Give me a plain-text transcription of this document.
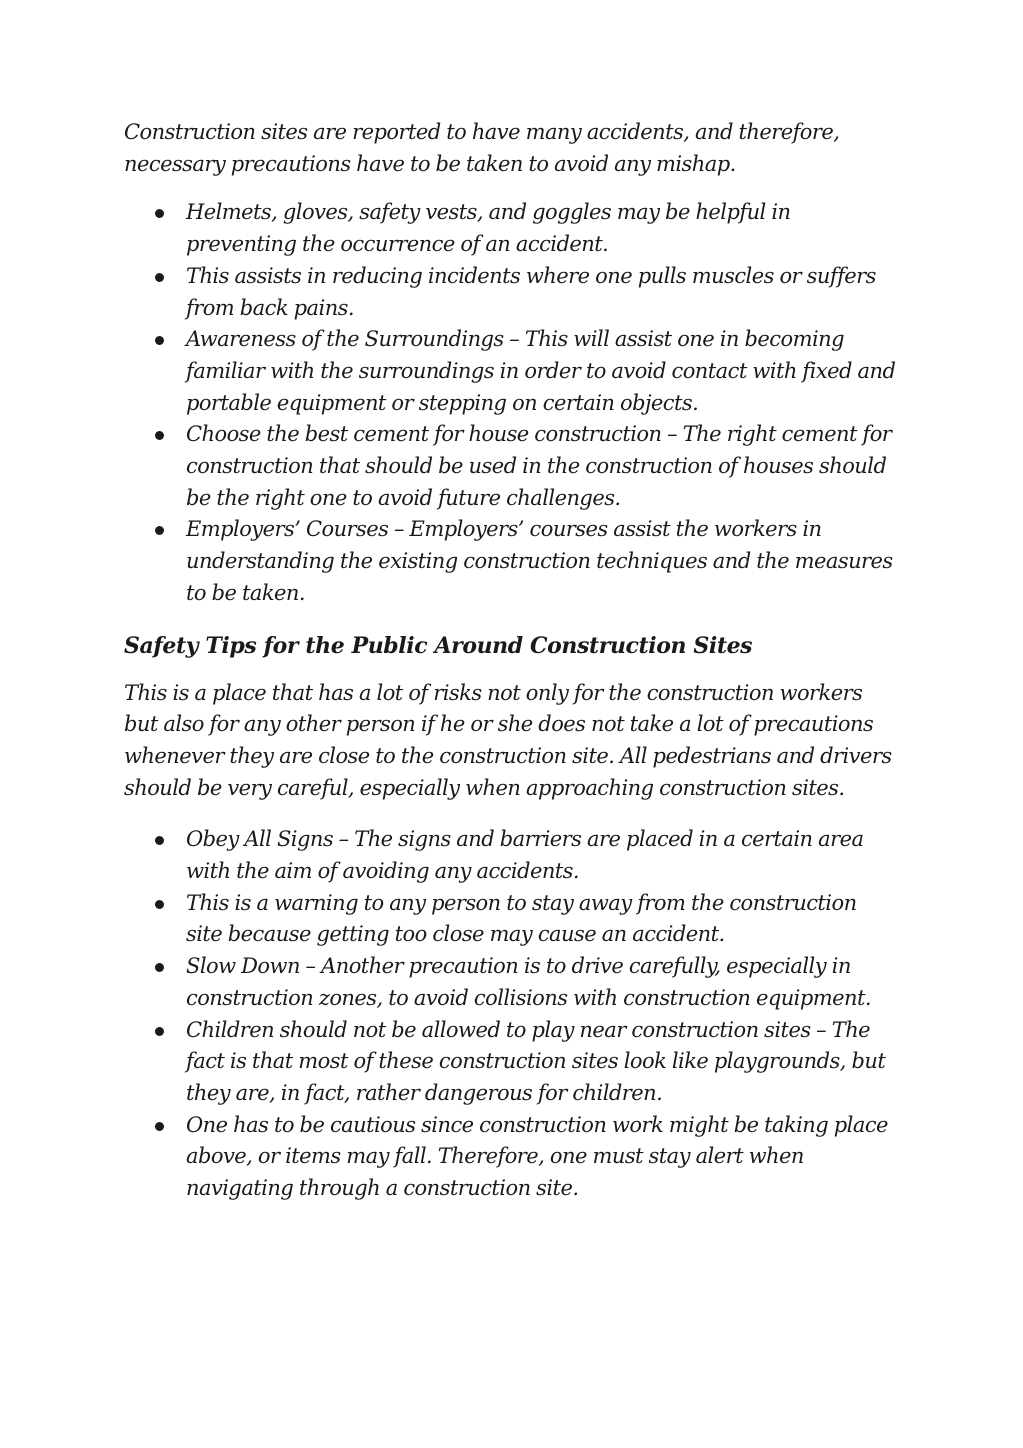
Construction sites are reported to have many accidents, and therefore, necessary precautions have to be taken to avoid any mishap.

Helmets, gloves, safety vests, and goggles may be helpful in preventing the occurrence of an accident.
This assists in reducing incidents where one pulls muscles or suffers from back pains.
Awareness of the Surroundings – This will assist one in becoming familiar with the surroundings in order to avoid contact with fixed and portable equipment or stepping on certain objects.
Choose the best cement for house construction – The right cement for construction that should be used in the construction of houses should be the right one to avoid future challenges.
Employers’ Courses – Employers’ courses assist the workers in understanding the existing construction techniques and the measures to be taken.
Safety Tips for the Public Around Construction Sites

This is a place that has a lot of risks not only for the construction workers but also for any other person if he or she does not take a lot of precautions whenever they are close to the construction site. All pedestrians and drivers should be very careful, especially when approaching construction sites.

Obey All Signs – The signs and barriers are placed in a certain area with the aim of avoiding any accidents.
This is a warning to any person to stay away from the construction site because getting too close may cause an accident.
Slow Down – Another precaution is to drive carefully, especially in construction zones, to avoid collisions with construction equipment.
Children should not be allowed to play near construction sites – The fact is that most of these construction sites look like playgrounds, but they are, in fact, rather dangerous for children.
One has to be cautious since construction work might be taking place above, or items may fall. Therefore, one must stay alert when navigating through a construction site.
